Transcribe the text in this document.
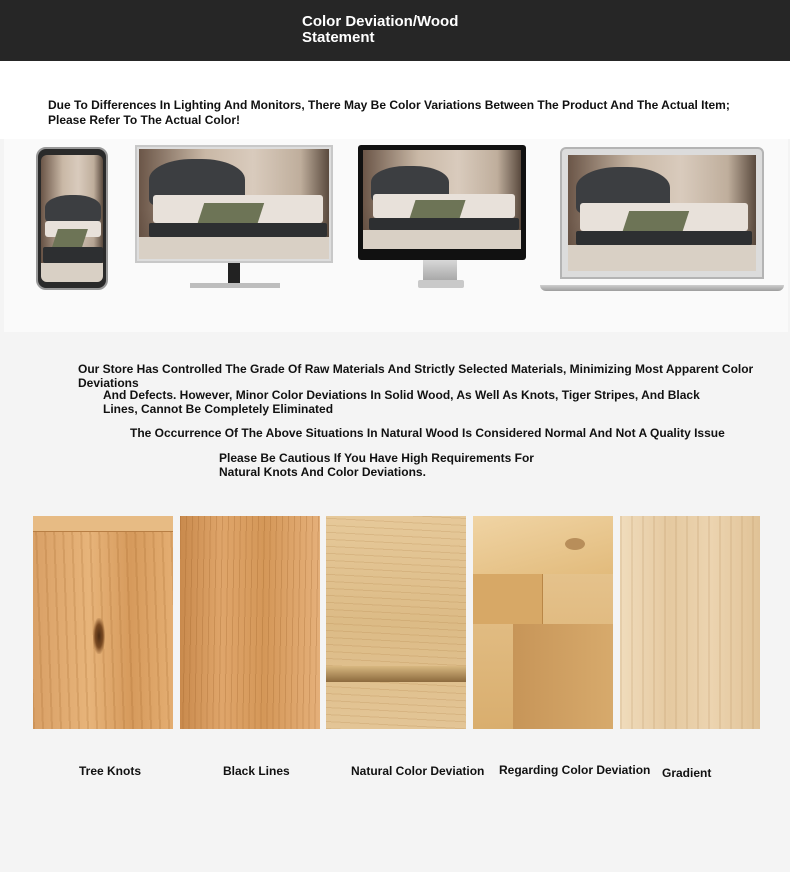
Color Deviation/Wood Statement
Due To Differences In Lighting And Monitors, There May Be Color Variations Between The Product And The Actual Item; Please Refer To The Actual Color!
Our Store Has Controlled The Grade Of Raw Materials And Strictly Selected Materials, Minimizing Most Apparent Color Deviations
And Defects. However, Minor Color Deviations In Solid Wood, As Well As Knots, Tiger Stripes, And Black Lines, Cannot Be Completely Eliminated
The Occurrence Of The Above Situations In Natural Wood Is Considered Normal And Not A Quality Issue
Please Be Cautious If You Have High Requirements For Natural Knots And Color Deviations.
Tree Knots	Black Lines	Natural Color Deviation Regarding Color Deviation Gradient
